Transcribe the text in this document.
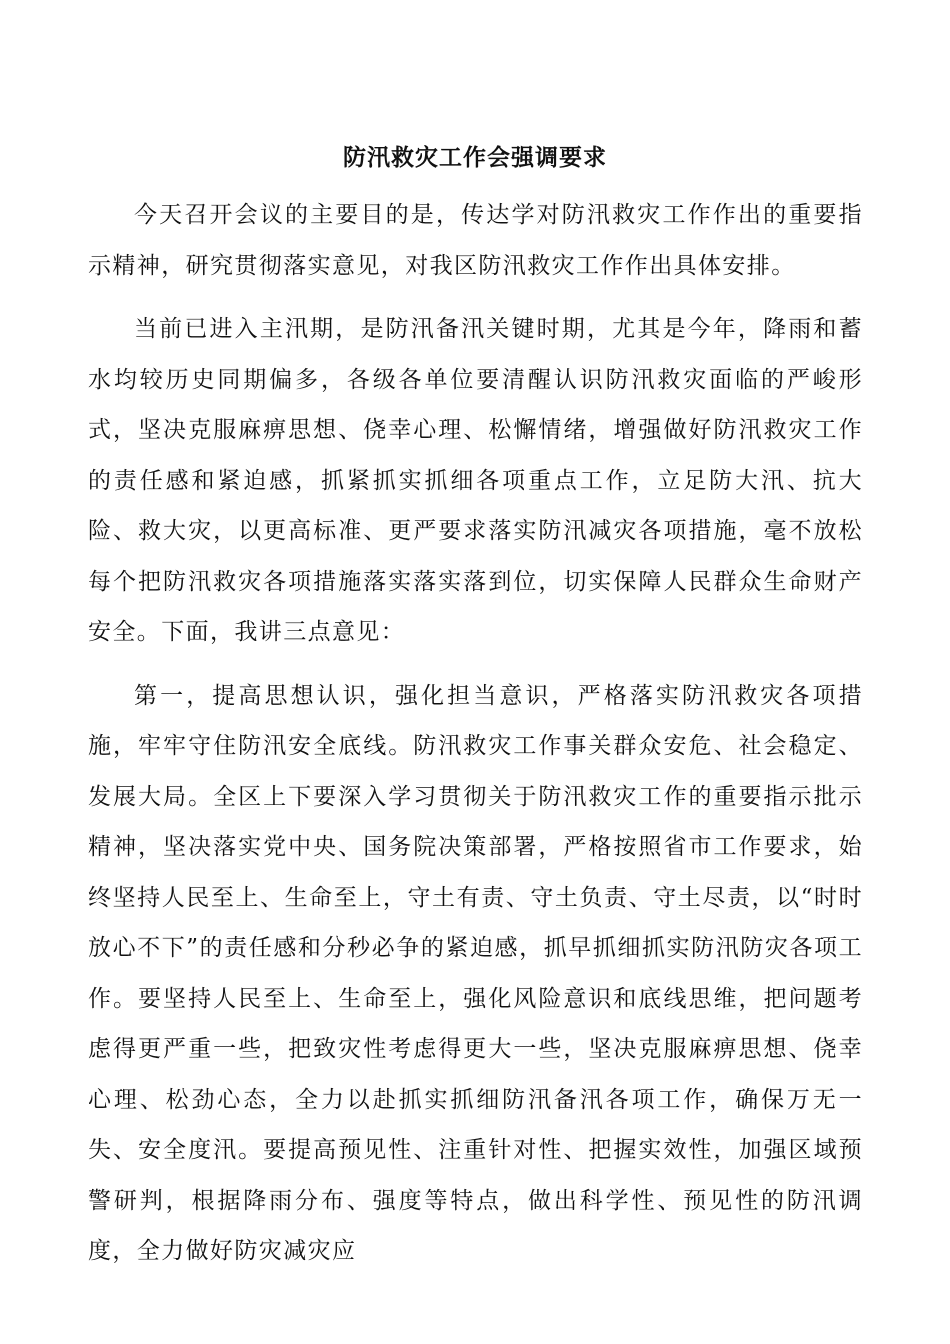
防汛救灾工作会强调要求

今天召开会议的主要目的是，传达学对防汛救灾工作作出的重要指示精神，研究贯彻落实意见，对我区防汛救灾工作作出具体安排。

当前已进入主汛期，是防汛备汛关键时期，尤其是今年，降雨和蓄水均较历史同期偏多，各级各单位要清醒认识防汛救灾面临的严峻形式，坚决克服麻痹思想、侥幸心理、松懈情绪，增强做好防汛救灾工作的责任感和紧迫感，抓紧抓实抓细各项重点工作，立足防大汛、抗大险、救大灾，以更高标准、更严要求落实防汛减灾各项措施，毫不放松每个把防汛救灾各项措施落实落实落到位，切实保障人民群众生命财产安全。下面，我讲三点意见：

第一，提高思想认识，强化担当意识，严格落实防汛救灾各项措施，牢牢守住防汛安全底线。防汛救灾工作事关群众安危、社会稳定、发展大局。全区上下要深入学习贯彻关于防汛救灾工作的重要指示批示精神，坚决落实党中央、国务院决策部署，严格按照省市工作要求，始终坚持人民至上、生命至上，守土有责、守土负责、守土尽责，以“时时放心不下”的责任感和分秒必争的紧迫感，抓早抓细抓实防汛防灾各项工作。要坚持人民至上、生命至上，强化风险意识和底线思维，把问题考虑得更严重一些，把致灾性考虑得更大一些，坚决克服麻痹思想、侥幸心理、松劲心态，全力以赴抓实抓细防汛备汛各项工作，确保万无一失、安全度汛。要提高预见性、注重针对性、把握实效性，加强区域预警研判，根据降雨分布、强度等特点，做出科学性、预见性的防汛调度，全力做好防灾减灾应
